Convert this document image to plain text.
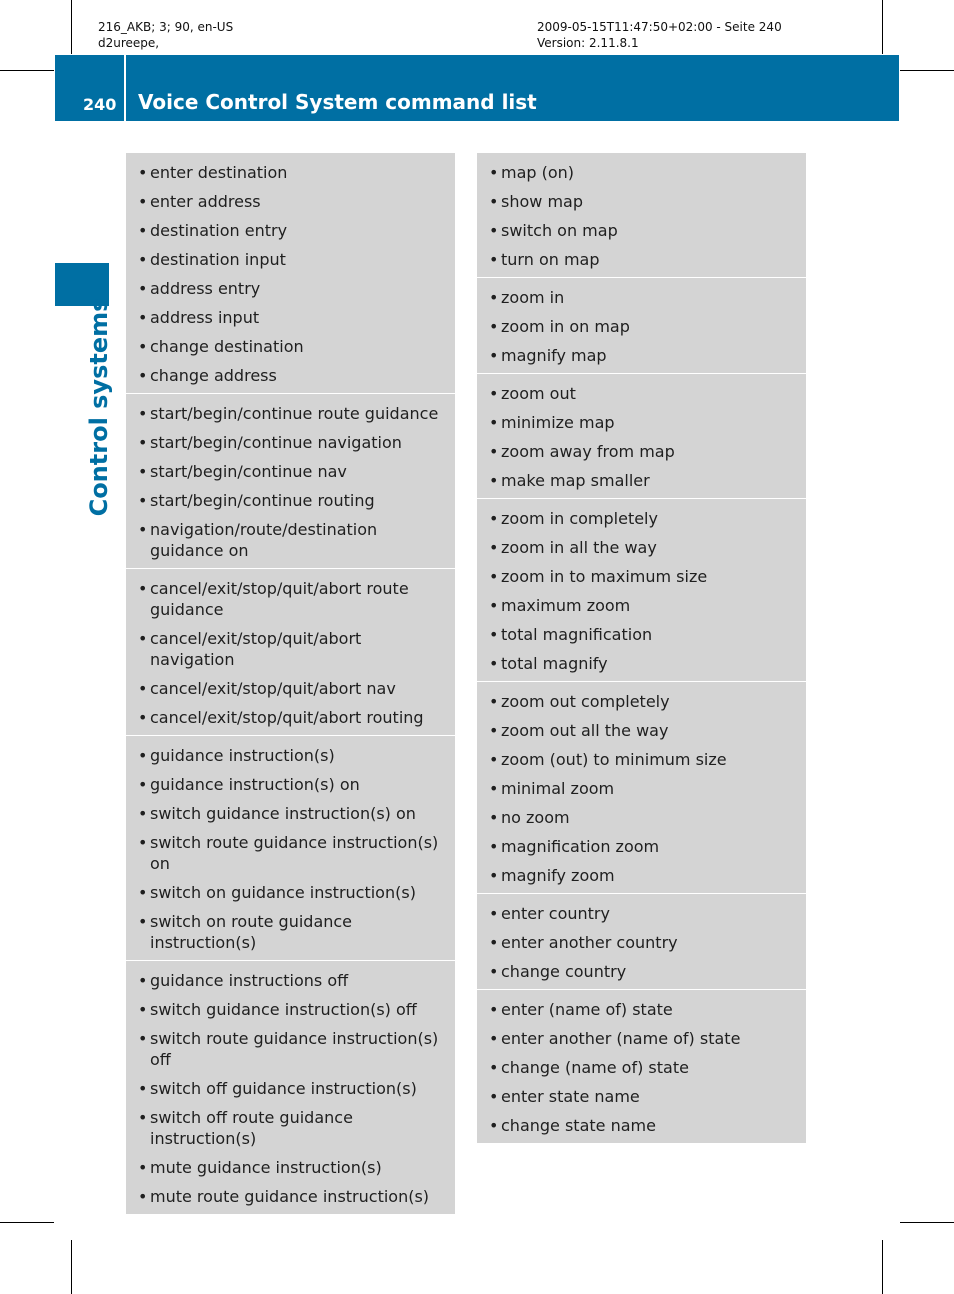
216_AKB; 3; 90, en-US
d2ureepe,
2009-05-15T11:47:50+02:00 - Seite 240
Version: 2.11.8.1
240 Voice Control System command list
Control systems
• enter destination
• enter address
• destination entry
• destination input
• address entry
• address input
• change destination
• change address
• start/begin/continue route guidance
• start/begin/continue navigation
• start/begin/continue nav
• start/begin/continue routing
• navigation/route/destination guidance on
• cancel/exit/stop/quit/abort route guidance
• cancel/exit/stop/quit/abort navigation
• cancel/exit/stop/quit/abort nav
• cancel/exit/stop/quit/abort routing
• guidance instruction(s)
• guidance instruction(s) on
• switch guidance instruction(s) on
• switch route guidance instruction(s) on
• switch on guidance instruction(s)
• switch on route guidance instruction(s)
• guidance instructions off
• switch guidance instruction(s) off
• switch route guidance instruction(s) off
• switch off guidance instruction(s)
• switch off route guidance instruction(s)
• mute guidance instruction(s)
• mute route guidance instruction(s)
• map (on)
• show map
• switch on map
• turn on map
• zoom in
• zoom in on map
• magnify map
• zoom out
• minimize map
• zoom away from map
• make map smaller
• zoom in completely
• zoom in all the way
• zoom in to maximum size
• maximum zoom
• total magnification
• total magnify
• zoom out completely
• zoom out all the way
• zoom (out) to minimum size
• minimal zoom
• no zoom
• magnification zoom
• magnify zoom
• enter country
• enter another country
• change country
• enter (name of) state
• enter another (name of) state
• change (name of) state
• enter state name
• change state name
